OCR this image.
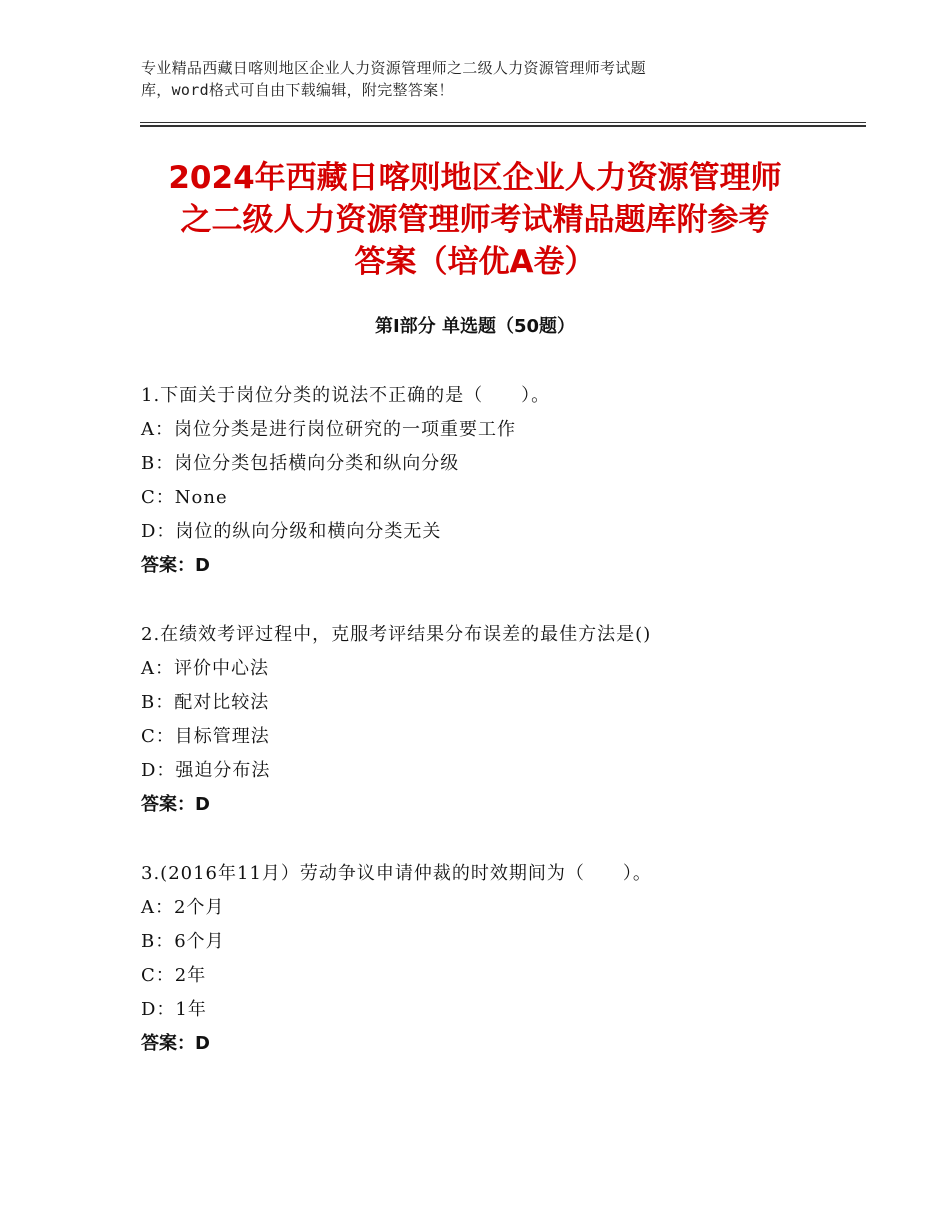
专业精品西藏日喀则地区企业人力资源管理师之二级人力资源管理师考试题
库，word格式可自由下载编辑，附完整答案！
2024年西藏日喀则地区企业人力资源管理师
之二级人力资源管理师考试精品题库附参考
答案（培优A卷）
第Ⅰ部分 单选题（50题）
1.下面关于岗位分类的说法不正确的是（　　）。
A：岗位分类是进行岗位研究的一项重要工作
B：岗位分类包括横向分类和纵向分级
C：None
D：岗位的纵向分级和横向分类无关
答案：D
2.在绩效考评过程中，克服考评结果分布误差的最佳方法是()
A：评价中心法
B：配对比较法
C：目标管理法
D：强迫分布法
答案：D
3.(2016年11月）劳动争议申请仲裁的时效期间为（　　）。
A：2个月
B：6个月
C：2年
D：1年
答案：D
